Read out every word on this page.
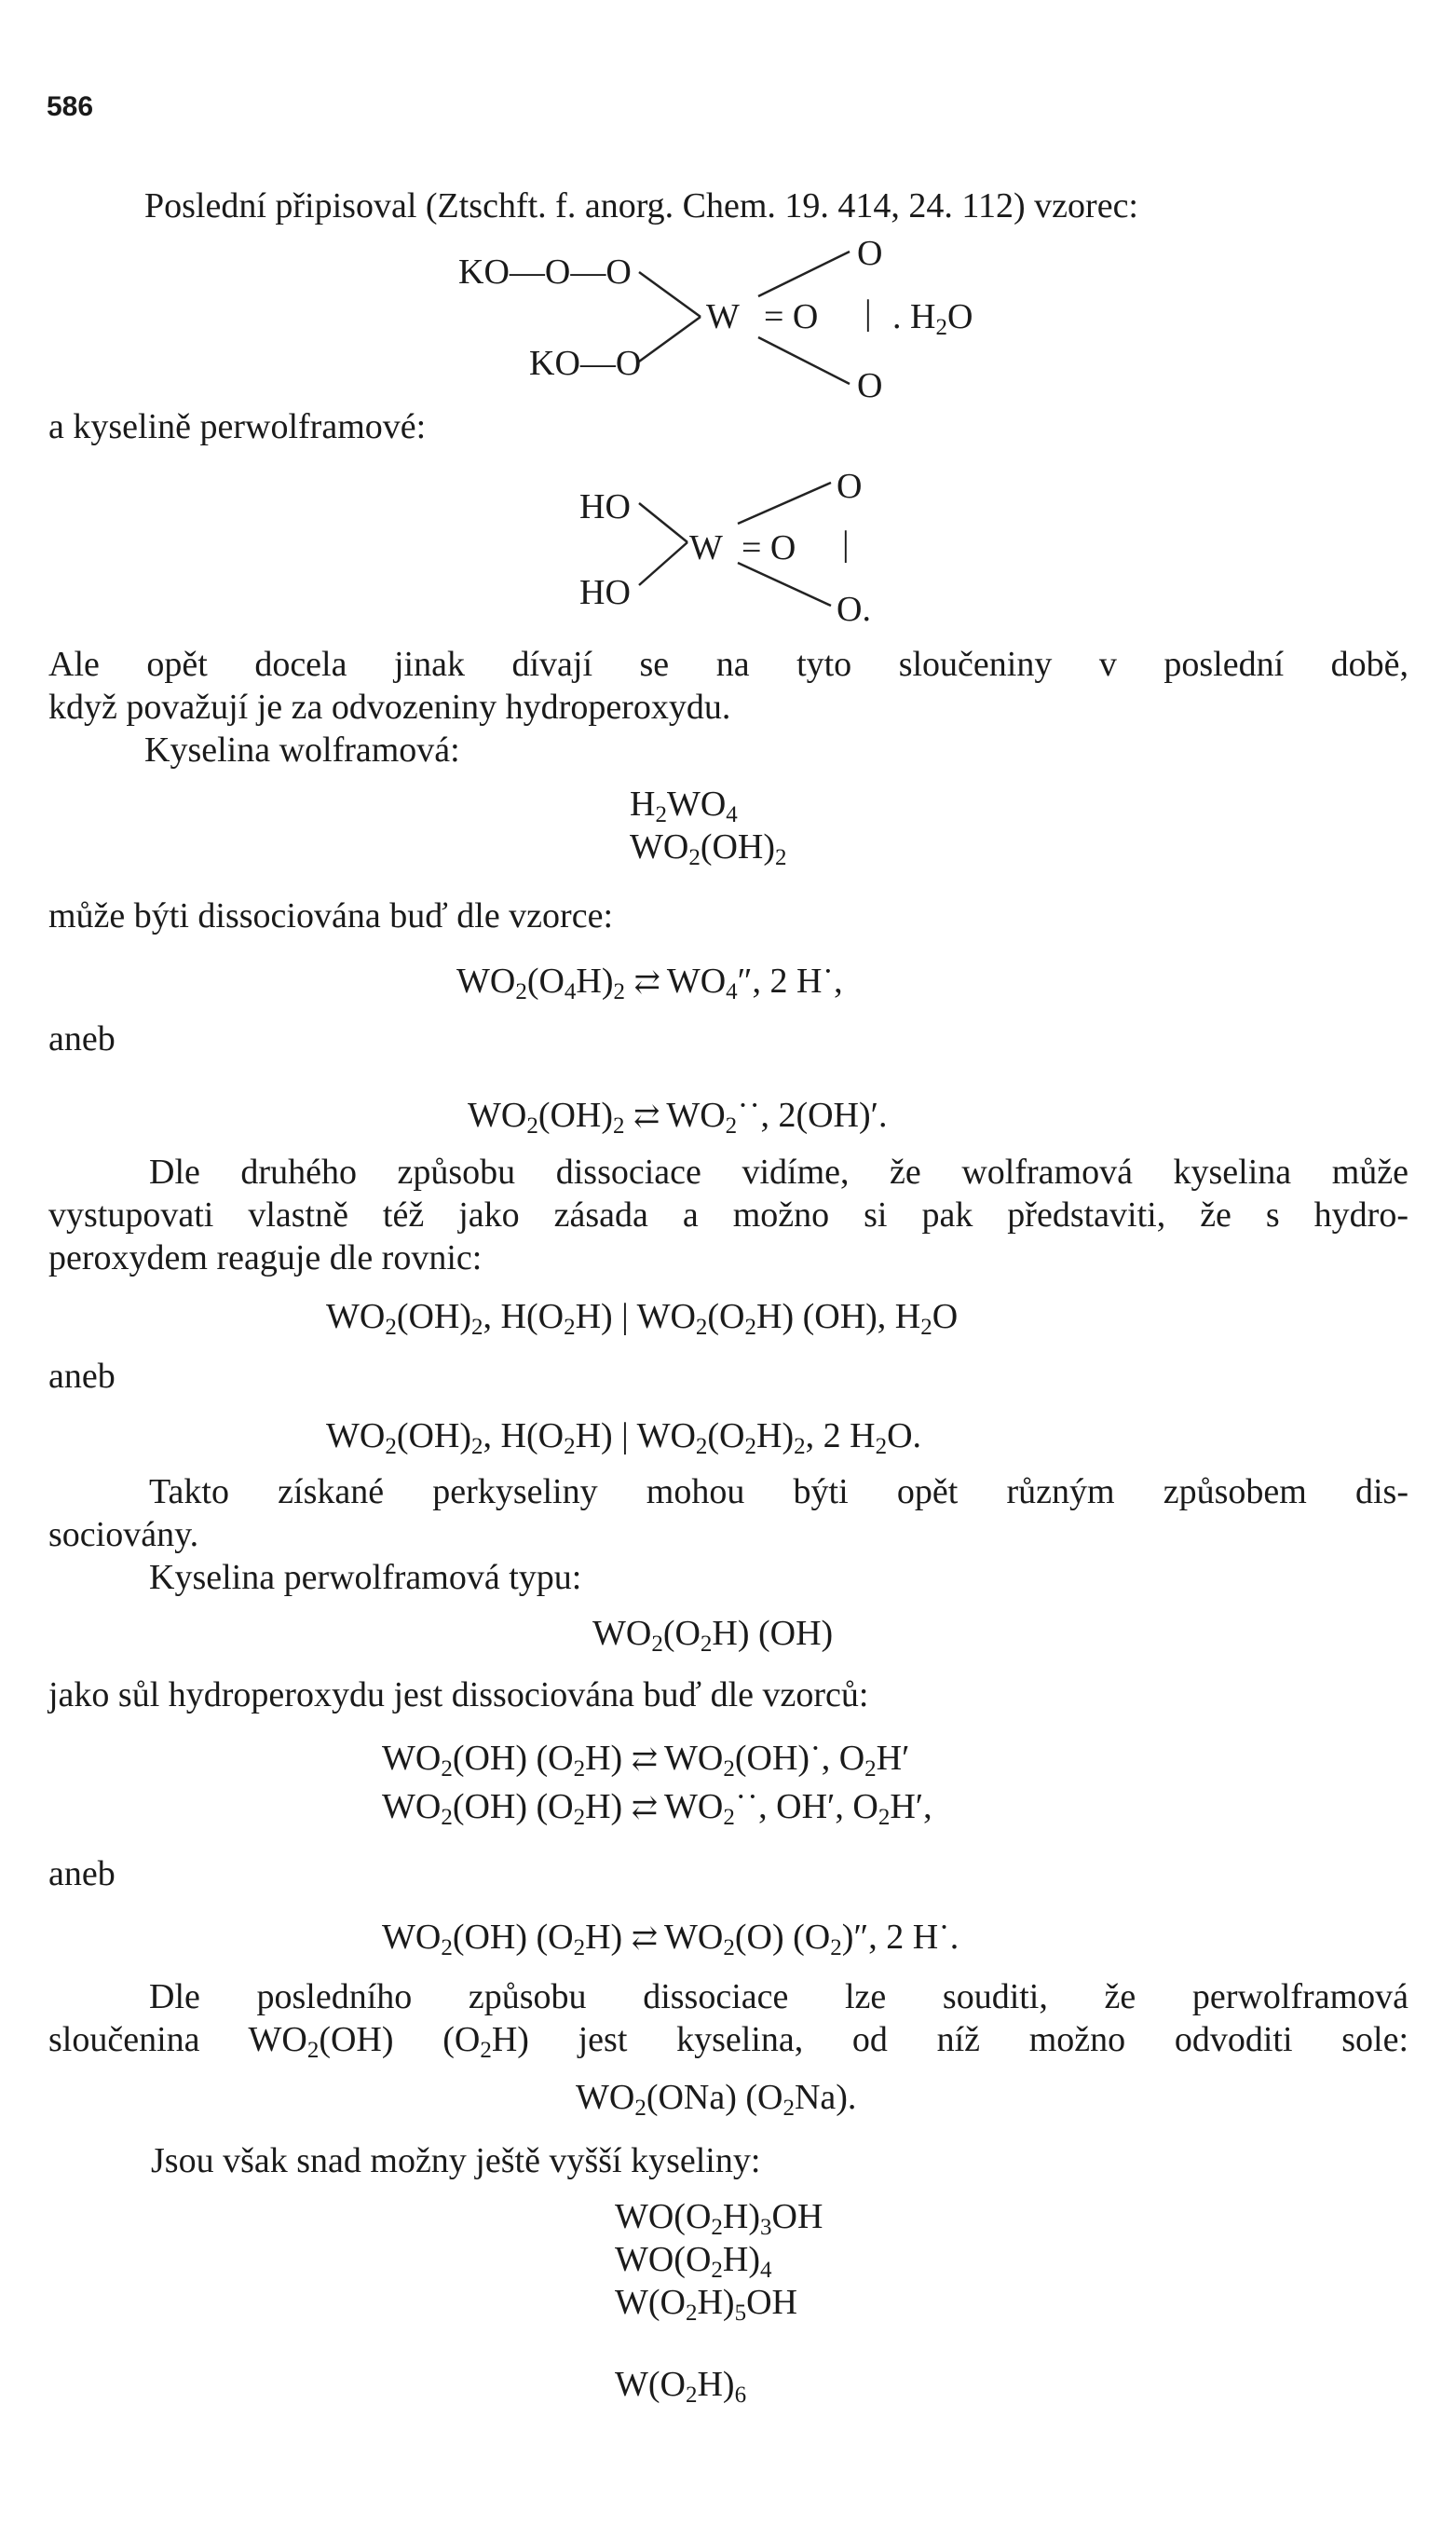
586
Poslední připisoval (Ztschft. f. anorg. Chem. 19. 414, 24. 112) vzorec:
KO—O—O
W = O | . $H_2O$
O
O
KO—O
a kyselině perwolframové:
HO
HO
W = O |
O
O.
Ale opět docela jinak dívají se na tyto sloučeniny v poslední době,
když považují je za odvozeniny hydroperoxydu.
Kyselina wolframová:
$H_2WO_4$
$WO_2(OH)_2$
může býti dissociována buď dle vzorce:
$WO_2(O_4H)_2$ ⇄ $WO_4''$, 2 H˙,
aneb
$WO_2(OH)_2$ ⇄ $WO_2˙˙$, 2(OH)′.
Dle druhého způsobu dissociace vidíme, že wolframová kyselina může
vystupovati vlastně též jako zásada a možno si pak představiti, že s hydro-
peroxydem reaguje dle rovnic:
$WO_2(OH)_2$, $H(O_2H)$ | $WO_2(O_2H)$ (OH), $H_2O$
aneb
$WO_2(OH)_2$, $H(O_2H)$ | $WO_2(O_2H)_2$, 2 $H_2O$.
Takto získané perkyseliny mohou býti opět různým způsobem dis-
sociovány.
Kyselina perwolframová typu:
$WO_2(O_2H)$ (OH)
jako sůl hydroperoxydu jest dissociována buď dle vzorců:
$WO_2(OH)$ $(O_2H)$ ⇄ $WO_2(OH)˙$, $O_2H'$
$WO_2(OH)$ $(O_2H)$ ⇄ $WO_2˙˙$, OH′, $O_2H'$,
aneb
$WO_2(OH)$ $(O_2H)$ ⇄ $WO_2(O)$ $(O_2)''$, 2 H˙.
Dle posledního způsobu dissociace lze souditi, že perwolframová
sloučenina $WO_2(OH)$ $(O_2H)$ jest kyselina, od níž možno odvoditi sole:
$WO_2(ONa)$ $(O_2Na)$.
Jsou však snad možny ještě vyšší kyseliny:
$WO(O_2H)_3OH$
$WO(O_2H)_4$
$W(O_2H)_5OH$
$W(O_2H)_6$
